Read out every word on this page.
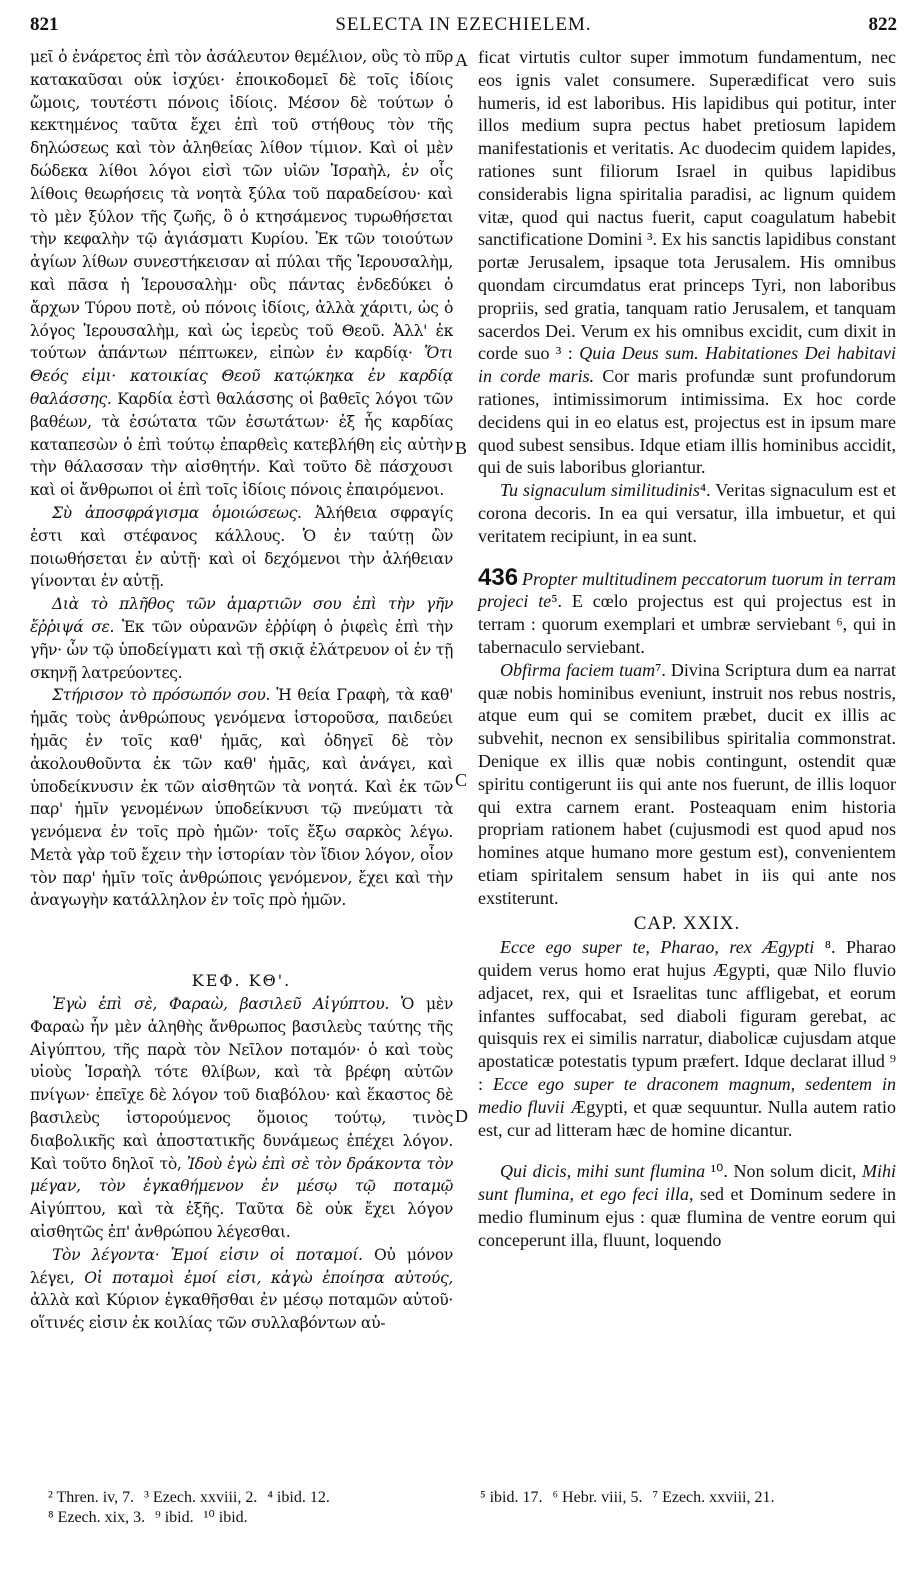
821	SELECTA IN EZECHIELEM.	822

μεῖ ὁ ἐνάρετος ἐπὶ τὸν ἀσάλευτον θεμέλιον, οὓς τὸ πῦρ κατακαῦσαι οὐκ ἰσχύει· ἐποικοδομεῖ δὲ τοῖς ἰδίοις ὤμοις, τουτέστι πόνοις ἰδίοις. Μέσον δὲ τούτων ὁ κεκτημένος ταῦτα ἔχει ἐπὶ τοῦ στήθους τὸν τῆς δηλώσεως καὶ τὸν ἀληθείας λίθον τίμιον. Καὶ οἱ μὲν δώδεκα λίθοι λόγοι εἰσὶ τῶν υἱῶν Ἰσραὴλ, ἐν οἷς λίθοις θεωρήσεις τὰ νοητὰ ξύλα τοῦ παραδείσου· καὶ τὸ μὲν ξύλον τῆς ζωῆς, ὃ ὁ κτησάμενος τυρωθήσεται τὴν κεφαλὴν τῷ ἁγιάσματι Κυρίου. Ἐκ τῶν τοιούτων ἁγίων λίθων συνεστήκεισαν αἱ πύλαι τῆς Ἱερουσαλὴμ, καὶ πᾶσα ἡ Ἱερουσαλὴμ· οὓς πάντας ἐνδεδύκει ὁ ἄρχων Τύρου ποτὲ, οὐ πόνοις ἰδίοις, ἀλλὰ χάριτι, ὡς ὁ λόγος Ἱερουσαλὴμ, καὶ ὡς ἱερεὺς τοῦ Θεοῦ. Ἀλλ' ἐκ τούτων ἁπάντων πέπτωκεν, εἰπὼν ἐν καρδίᾳ· Ὅτι Θεός εἰμι· κατοικίας Θεοῦ κατῴκηκα ἐν καρδίᾳ θαλάσσης. Καρδία ἐστὶ θαλάσσης οἱ βαθεῖς λόγοι τῶν βαθέων, τὰ ἐσώτατα τῶν ἐσωτάτων· ἐξ ἧς καρδίας καταπεσὼν ὁ ἐπὶ τούτῳ ἐπαρθεὶς κατεβλήθη εἰς αὐτὴν τὴν θάλασσαν τὴν αἰσθητήν. Καὶ τοῦτο δὲ πάσχουσι καὶ οἱ ἄνθρωποι οἱ ἐπὶ τοῖς ἰδίοις πόνοις ἐπαιρόμενοι.

Σὺ ἀποσφράγισμα ὁμοιώσεως. Ἀλήθεια σφραγίς ἐστι καὶ στέφανος κάλλους. Ὁ ἐν ταύτῃ ὢν ποιωθήσεται ἐν αὐτῇ· καὶ οἱ δεχόμενοι τὴν ἀλήθειαν γίνονται ἐν αὐτῇ.

Διὰ τὸ πλῆθος τῶν ἁμαρτιῶν σου ἐπὶ τὴν γῆν ἔῤῥιψά σε. Ἐκ τῶν οὐρανῶν ἐῤῥίφη ὁ ῥιφεὶς ἐπὶ τὴν γῆν· ὧν τῷ ὑποδείγματι καὶ τῇ σκιᾷ ἐλάτρευον οἱ ἐν τῇ σκηνῇ λατρεύοντες.

Στήρισον τὸ πρόσωπόν σου. Ἡ θεία Γραφὴ, τὰ καθ' ἡμᾶς τοὺς ἀνθρώπους γενόμενα ἱστοροῦσα, παιδεύει ἡμᾶς ἐν τοῖς καθ' ἡμᾶς, καὶ ὁδηγεῖ δὲ τὸν ἀκολουθοῦντα ἐκ τῶν καθ' ἡμᾶς, καὶ ἀνάγει, καὶ ὑποδείκνυσιν ἐκ τῶν αἰσθητῶν τὰ νοητά. Καὶ ἐκ τῶν παρ' ἡμῖν γενομένων ὑποδείκνυσι τῷ πνεύματι τὰ γενόμενα ἐν τοῖς πρὸ ἡμῶν· τοῖς ἔξω σαρκὸς λέγω. Μετὰ γὰρ τοῦ ἔχειν τὴν ἱστορίαν τὸν ἴδιον λόγον, οἷον τὸν παρ' ἡμῖν τοῖς ἀνθρώποις γενόμενον, ἔχει καὶ τὴν ἀναγωγὴν κατάλληλον ἐν τοῖς πρὸ ἡμῶν.

ΚΕΦ. ΚΘ'.

Ἐγὼ ἐπὶ σὲ, Φαραὼ, βασιλεῦ Αἰγύπτου. Ὁ μὲν Φαραὼ ἦν μὲν ἀληθὴς ἄνθρωπος βασιλεὺς ταύτης τῆς Αἰγύπτου, τῆς παρὰ τὸν Νεῖλον ποταμόν· ὁ καὶ τοὺς υἱοὺς Ἰσραὴλ τότε θλίβων, καὶ τὰ βρέφη αὐτῶν πνίγων· ἐπεῖχε δὲ λόγον τοῦ διαβόλου· καὶ ἕκαστος δὲ βασιλεὺς ἱστορούμενος ὅμοιος τούτῳ, τινὸς διαβολικῆς καὶ ἀποστατικῆς δυνάμεως ἐπέχει λόγον. Καὶ τοῦτο δηλοῖ τὸ, Ἰδοὺ ἐγὼ ἐπὶ σὲ τὸν δράκοντα τὸν μέγαν, τὸν ἐγκαθήμενον ἐν μέσῳ τῷ ποταμῷ Αἰγύπτου, καὶ τὰ ἑξῆς. Ταῦτα δὲ οὐκ ἔχει λόγον αἰσθητῶς ἐπ' ἀνθρώπου λέγεσθαι.

Τὸν λέγοντα· Ἐμοί εἰσιν οἱ ποταμοί. Οὐ μόνον λέγει, Οἱ ποταμοὶ ἐμοί εἰσι, κἀγὼ ἐποίησα αὐτούς, ἀλλὰ καὶ Κύριον ἐγκαθῆσθαι ἐν μέσῳ ποταμῶν αὐτοῦ· οἵτινές εἰσιν ἐκ κοιλίας τῶν συλλαβόντων αὐ-

A
B
C
D

ficat virtutis cultor super immotum fundamentum, nec eos ignis valet consumere. Superædificat vero suis humeris, id est laboribus. His lapidibus qui potitur, inter illos medium supra pectus habet pretiosum lapidem manifestationis et veritatis. Ac duodecim quidem lapides, rationes sunt filiorum Israel in quibus lapidibus considerabis ligna spiritalia paradisi, ac lignum quidem vitæ, quod qui nactus fuerit, caput coagulatum habebit sanctificatione Domini ³. Ex his sanctis lapidibus constant portæ Jerusalem, ipsaque tota Jerusalem. His omnibus quondam circumdatus erat princeps Tyri, non laboribus propriis, sed gratia, tanquam ratio Jerusalem, et tanquam sacerdos Dei. Verum ex his omnibus excidit, cum dixit in corde suo ³ : Quia Deus sum. Habitationes Dei habitavi in corde maris. Cor maris profundæ sunt profundorum rationes, intimissimorum intimissima. Ex hoc corde decidens qui in eo elatus est, projectus est in ipsum mare quod subest sensibus. Idque etiam illis hominibus accidit, qui de suis laboribus gloriantur.

Tu signaculum similitudinis⁴. Veritas signaculum est et corona decoris. In ea qui versatur, illa imbuetur, et qui veritatem recipiunt, in ea sunt.

436 Propter multitudinem peccatorum tuorum in terram projeci te⁵. E cœlo projectus est qui projectus est in terram : quorum exemplari et umbræ serviebant ⁶, qui in tabernaculo serviebant.

Obfirma faciem tuam⁷. Divina Scriptura dum ea narrat quæ nobis hominibus eveniunt, instruit nos rebus nostris, atque eum qui se comitem præbet, ducit ex illis ac subvehit, necnon ex sensibilibus spiritalia commonstrat. Denique ex illis quæ nobis contingunt, ostendit quæ spiritu contigerunt iis qui ante nos fuerunt, de illis loquor qui extra carnem erant. Posteaquam enim historia propriam rationem habet (cujusmodi est quod apud nos homines atque humano more gestum est), convenientem etiam spiritalem sensum habet in iis qui ante nos exstiterunt.

CAP. XXIX.

Ecce ego super te, Pharao, rex Ægypti ⁸. Pharao quidem verus homo erat hujus Ægypti, quæ Nilo fluvio adjacet, rex, qui et Israelitas tunc affligebat, et eorum infantes suffocabat, sed diaboli figuram gerebat, ac quisquis rex ei similis narratur, diabolicæ cujusdam atque apostaticæ potestatis typum præfert. Idque declarat illud ⁹ : Ecce ego super te draconem magnum, sedentem in medio fluvii Ægypti, et quæ sequuntur. Nulla autem ratio est, cur ad litteram hæc de homine dicantur.

Qui dicis, mihi sunt flumina ¹⁰. Non solum dicit, Mihi sunt flumina, et ego feci illa, sed et Dominum sedere in medio fluminum ejus : quæ flumina de ventre eorum qui conceperunt illa, fluunt, loquendo

² Thren. iv, 7. ³ Ezech. xxviii, 2. ⁴ ibid. 12.
⁸ Ezech. xix, 3. ⁹ ibid. ¹⁰ ibid.
⁵ ibid. 17. ⁶ Hebr. viii, 5. ⁷ Ezech. xxviii, 21.
